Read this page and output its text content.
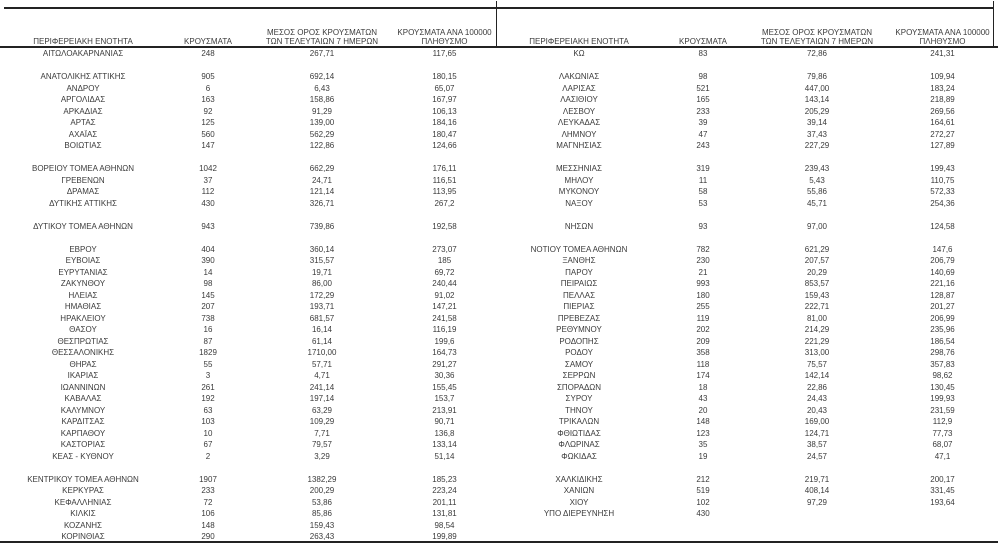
ΠΕΡΙΦΕΡΕΙΑΚΗ ΕΝΟΤΗΤΑ	ΚΡΟΥΣΜΑΤΑ	ΜΕΣΟΣ ΟΡΟΣ ΚΡΟΥΣΜΑΤΩΝ
ΤΩΝ ΤΕΛΕΥΤΑΙΩΝ 7 ΗΜΕΡΩΝ	ΚΡΟΥΣΜΑΤΑ ΑΝΑ 100000
ΠΛΗΘΥΣΜΟ

ΑΙΤΩΛΟΑΚΑΡΝΑΝΙΑΣ	248	267,71	117,65

ΑΝΑΤΟΛΙΚΗΣ ΑΤΤΙΚΗΣ	905	692,14	180,15
ΑΝΔΡΟΥ	6	6,43	65,07
ΑΡΓΟΛΙΔΑΣ	163	158,86	167,97
ΑΡΚΑΔΙΑΣ	92	91,29	106,13
ΑΡΤΑΣ	125	139,00	184,16
ΑΧΑΪΑΣ	560	562,29	180,47
ΒΟΙΩΤΙΑΣ	147	122,86	124,66

ΒΟΡΕΙΟΥ ΤΟΜΕΑ ΑΘΗΝΩΝ	1042	662,29	176,11
ΓΡΕΒΕΝΩΝ	37	24,71	116,51
ΔΡΑΜΑΣ	112	121,14	113,95
ΔΥΤΙΚΗΣ ΑΤΤΙΚΗΣ	430	326,71	267,2

ΔΥΤΙΚΟΥ ΤΟΜΕΑ ΑΘΗΝΩΝ	943	739,86	192,58

ΕΒΡΟΥ	404	360,14	273,07
ΕΥΒΟΙΑΣ	390	315,57	185
ΕΥΡΥΤΑΝΙΑΣ	14	19,71	69,72
ΖΑΚΥΝΘΟΥ	98	86,00	240,44
ΗΛΕΙΑΣ	145	172,29	91,02
ΗΜΑΘΙΑΣ	207	193,71	147,21
ΗΡΑΚΛΕΙΟΥ	738	681,57	241,58
ΘΑΣΟΥ	16	16,14	116,19
ΘΕΣΠΡΩΤΙΑΣ	87	61,14	199,6
ΘΕΣΣΑΛΟΝΙΚΗΣ	1829	1710,00	164,73
ΘΗΡΑΣ	55	57,71	291,27
ΙΚΑΡΙΑΣ	3	4,71	30,36
ΙΩΑΝΝΙΝΩΝ	261	241,14	155,45
ΚΑΒΑΛΑΣ	192	197,14	153,7
ΚΑΛΥΜΝΟΥ	63	63,29	213,91
ΚΑΡΔΙΤΣΑΣ	103	109,29	90,71
ΚΑΡΠΑΘΟΥ	10	7,71	136,8
ΚΑΣΤΟΡΙΑΣ	67	79,57	133,14
ΚΕΑΣ - ΚΥΘΝΟΥ	2	3,29	51,14

ΚΕΝΤΡΙΚΟΥ ΤΟΜΕΑ ΑΘΗΝΩΝ	1907	1382,29	185,23
ΚΕΡΚΥΡΑΣ	233	200,29	223,24
ΚΕΦΑΛΛΗΝΙΑΣ	72	53,86	201,11
ΚΙΛΚΙΣ	106	85,86	131,81
ΚΟΖΑΝΗΣ	148	159,43	98,54
ΚΟΡΙΝΘΙΑΣ	290	263,43	199,89
ΠΕΡΙΦΕΡΕΙΑΚΗ ΕΝΟΤΗΤΑ	ΚΡΟΥΣΜΑΤΑ	ΜΕΣΟΣ ΟΡΟΣ ΚΡΟΥΣΜΑΤΩΝ
ΤΩΝ ΤΕΛΕΥΤΑΙΩΝ 7 ΗΜΕΡΩΝ	ΚΡΟΥΣΜΑΤΑ ΑΝΑ 100000
ΠΛΗΘΥΣΜΟ

ΚΩ	83	72,86	241,31

ΛΑΚΩΝΙΑΣ	98	79,86	109,94
ΛΑΡΙΣΑΣ	521	447,00	183,24
ΛΑΣΙΘΙΟΥ	165	143,14	218,89
ΛΕΣΒΟΥ	233	205,29	269,56
ΛΕΥΚΑΔΑΣ	39	39,14	164,61
ΛΗΜΝΟΥ	47	37,43	272,27
ΜΑΓΝΗΣΙΑΣ	243	227,29	127,89

ΜΕΣΣΗΝΙΑΣ	319	239,43	199,43
ΜΗΛΟΥ	11	5,43	110,75
ΜΥΚΟΝΟΥ	58	55,86	572,33
ΝΑΞΟΥ	53	45,71	254,36

ΝΗΣΩΝ	93	97,00	124,58

ΝΟΤΙΟΥ ΤΟΜΕΑ ΑΘΗΝΩΝ	782	621,29	147,6
ΞΑΝΘΗΣ	230	207,57	206,79
ΠΑΡΟΥ	21	20,29	140,69
ΠΕΙΡΑΙΩΣ	993	853,57	221,16
ΠΕΛΛΑΣ	180	159,43	128,87
ΠΙΕΡΙΑΣ	255	222,71	201,27
ΠΡΕΒΕΖΑΣ	119	81,00	206,99
ΡΕΘΥΜΝΟΥ	202	214,29	235,96
ΡΟΔΟΠΗΣ	209	221,29	186,54
ΡΟΔΟΥ	358	313,00	298,76
ΣΑΜΟΥ	118	75,57	357,83
ΣΕΡΡΩΝ	174	142,14	98,62
ΣΠΟΡΑΔΩΝ	18	22,86	130,45
ΣΥΡΟΥ	43	24,43	199,93
ΤΗΝΟΥ	20	20,43	231,59
ΤΡΙΚΑΛΩΝ	148	169,00	112,9
ΦΘΙΩΤΙΔΑΣ	123	124,71	77,73
ΦΛΩΡΙΝΑΣ	35	38,57	68,07
ΦΩΚΙΔΑΣ	19	24,57	47,1

ΧΑΛΚΙΔΙΚΗΣ	212	219,71	200,17
ΧΑΝΙΩΝ	519	408,14	331,45
ΧΙΟΥ	102	97,29	193,64
ΥΠΟ ΔΙΕΡΕΥΝΗΣΗ	430		
